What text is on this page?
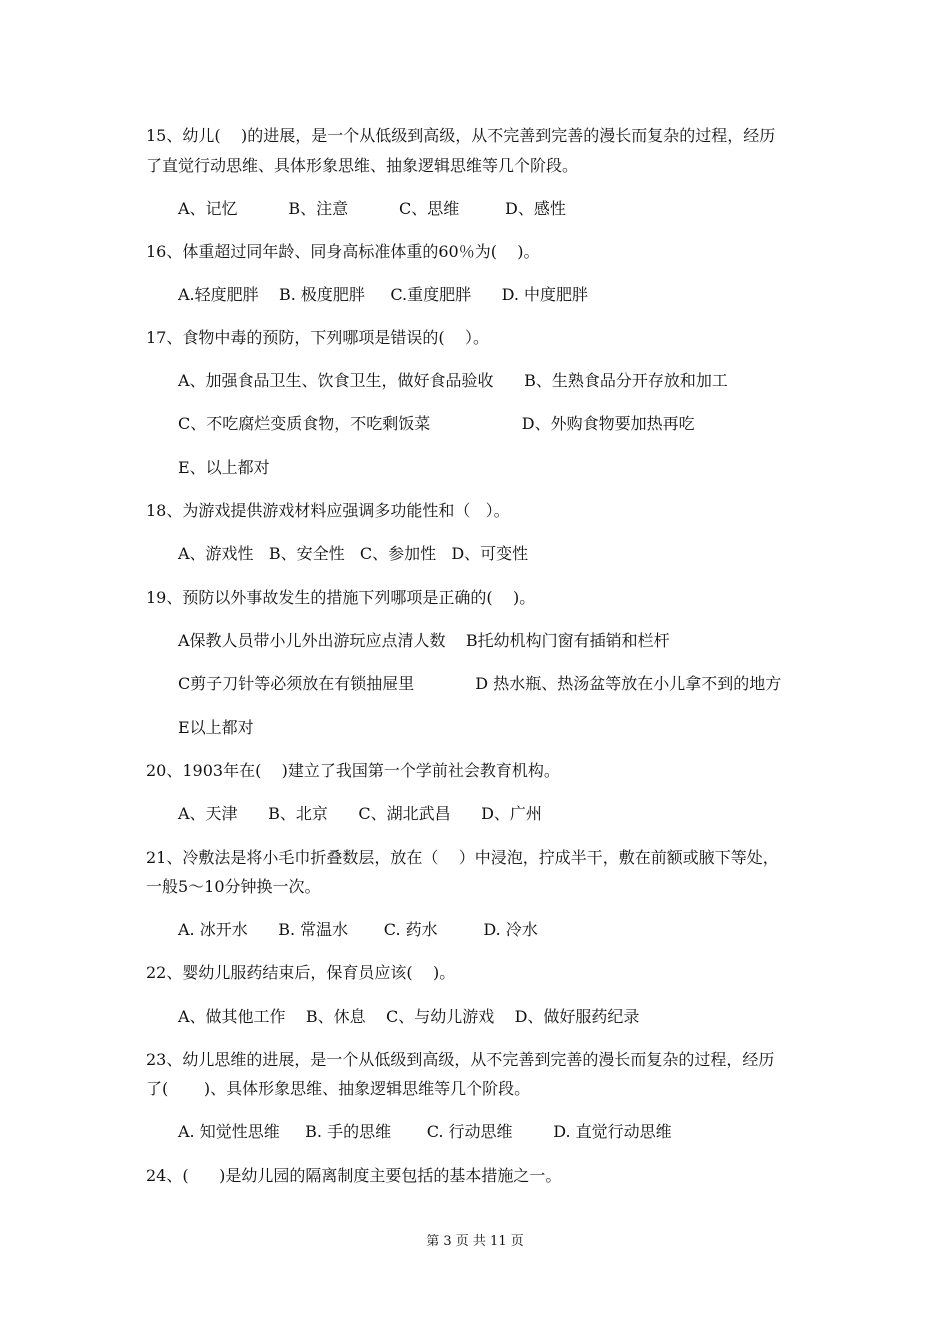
15、幼儿(    )的进展，是一个从低级到高级，从不完善到完善的漫长而复杂的过程，经历
了直觉行动思维、具体形象思维、抽象逻辑思维等几个阶段。
A、记忆          B、注意          C、思维         D、感性
16、体重超过同年龄、同身高标准体重的60％为(    )。
A.轻度肥胖    B. 极度肥胖     C.重度肥胖      D. 中度肥胖
17、食物中毒的预防，下列哪项是错误的(    ）。
A、加强食品卫生、饮食卫生，做好食品验收      B、生熟食品分开存放和加工
C、不吃腐烂变质食物，不吃剩饭菜                  D、外购食物要加热再吃
E、以上都对
18、为游戏提供游戏材料应强调多功能性和（   ）。
A、游戏性   B、安全性   C、参加性   D、可变性
19、预防以外事故发生的措施下列哪项是正确的(    )。
A保教人员带小儿外出游玩应点清人数    B托幼机构门窗有插销和栏杆
C剪子刀针等必须放在有锁抽屉里            D 热水瓶、热汤盆等放在小儿拿不到的地方
E以上都对
20、1903年在(    )建立了我国第一个学前社会教育机构。
A、天津      B、北京      C、湖北武昌      D、广州
21、冷敷法是将小毛巾折叠数层，放在（    ）中浸泡，拧成半干，敷在前额或腋下等处，
一般5～10分钟换一次。
A. 冰开水      B. 常温水       C. 药水         D. 冷水
22、婴幼儿服药结束后，保育员应该(    )。
A、做其他工作    B、休息    C、与幼儿游戏    D、做好服药纪录
23、幼儿思维的进展，是一个从低级到高级，从不完善到完善的漫长而复杂的过程，经历
了(       )、具体形象思维、抽象逻辑思维等几个阶段。
A. 知觉性思维     B. 手的思维       C. 行动思维        D. 直觉行动思维
24、(      )是幼儿园的隔离制度主要包括的基本措施之一。
第 3 页 共 11 页
